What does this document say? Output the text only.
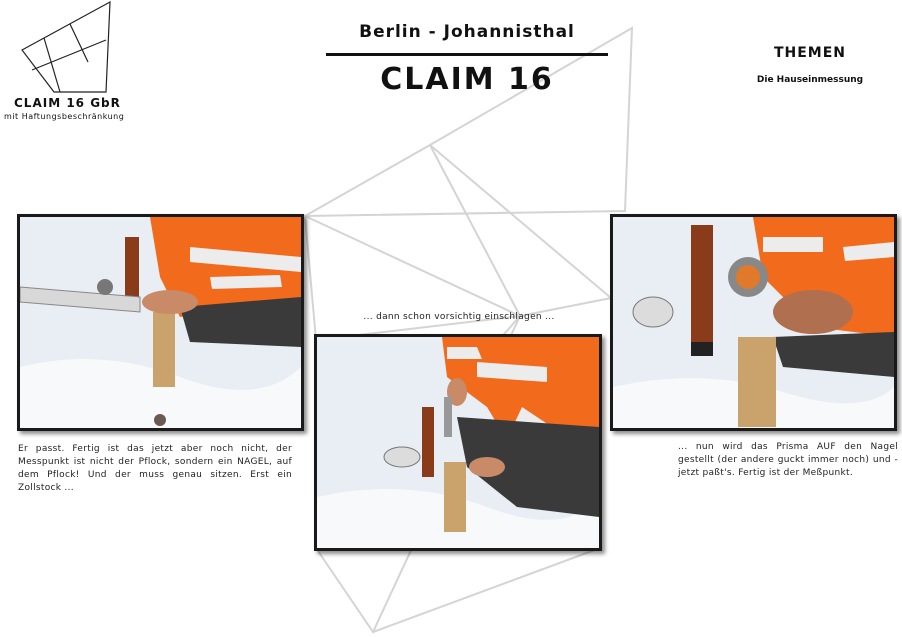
CLAIM 16 GbR
mit Haftungsbeschränkung
Berlin - Johannisthal
CLAIM 16
THEMEN
Die Hauseinmessung
Er passt. Fertig ist das jetzt aber noch nicht, der Messpunkt ist nicht der Pflock, sondern ein NAGEL, auf dem Pflock! Und der muss genau sitzen. Erst ein Zollstock ...
... dann schon vorsichtig einschlagen ...
... nun wird das Prisma AUF den Nagel gestellt (der andere guckt immer noch) und - jetzt paßt's. Fertig ist der Meßpunkt.
